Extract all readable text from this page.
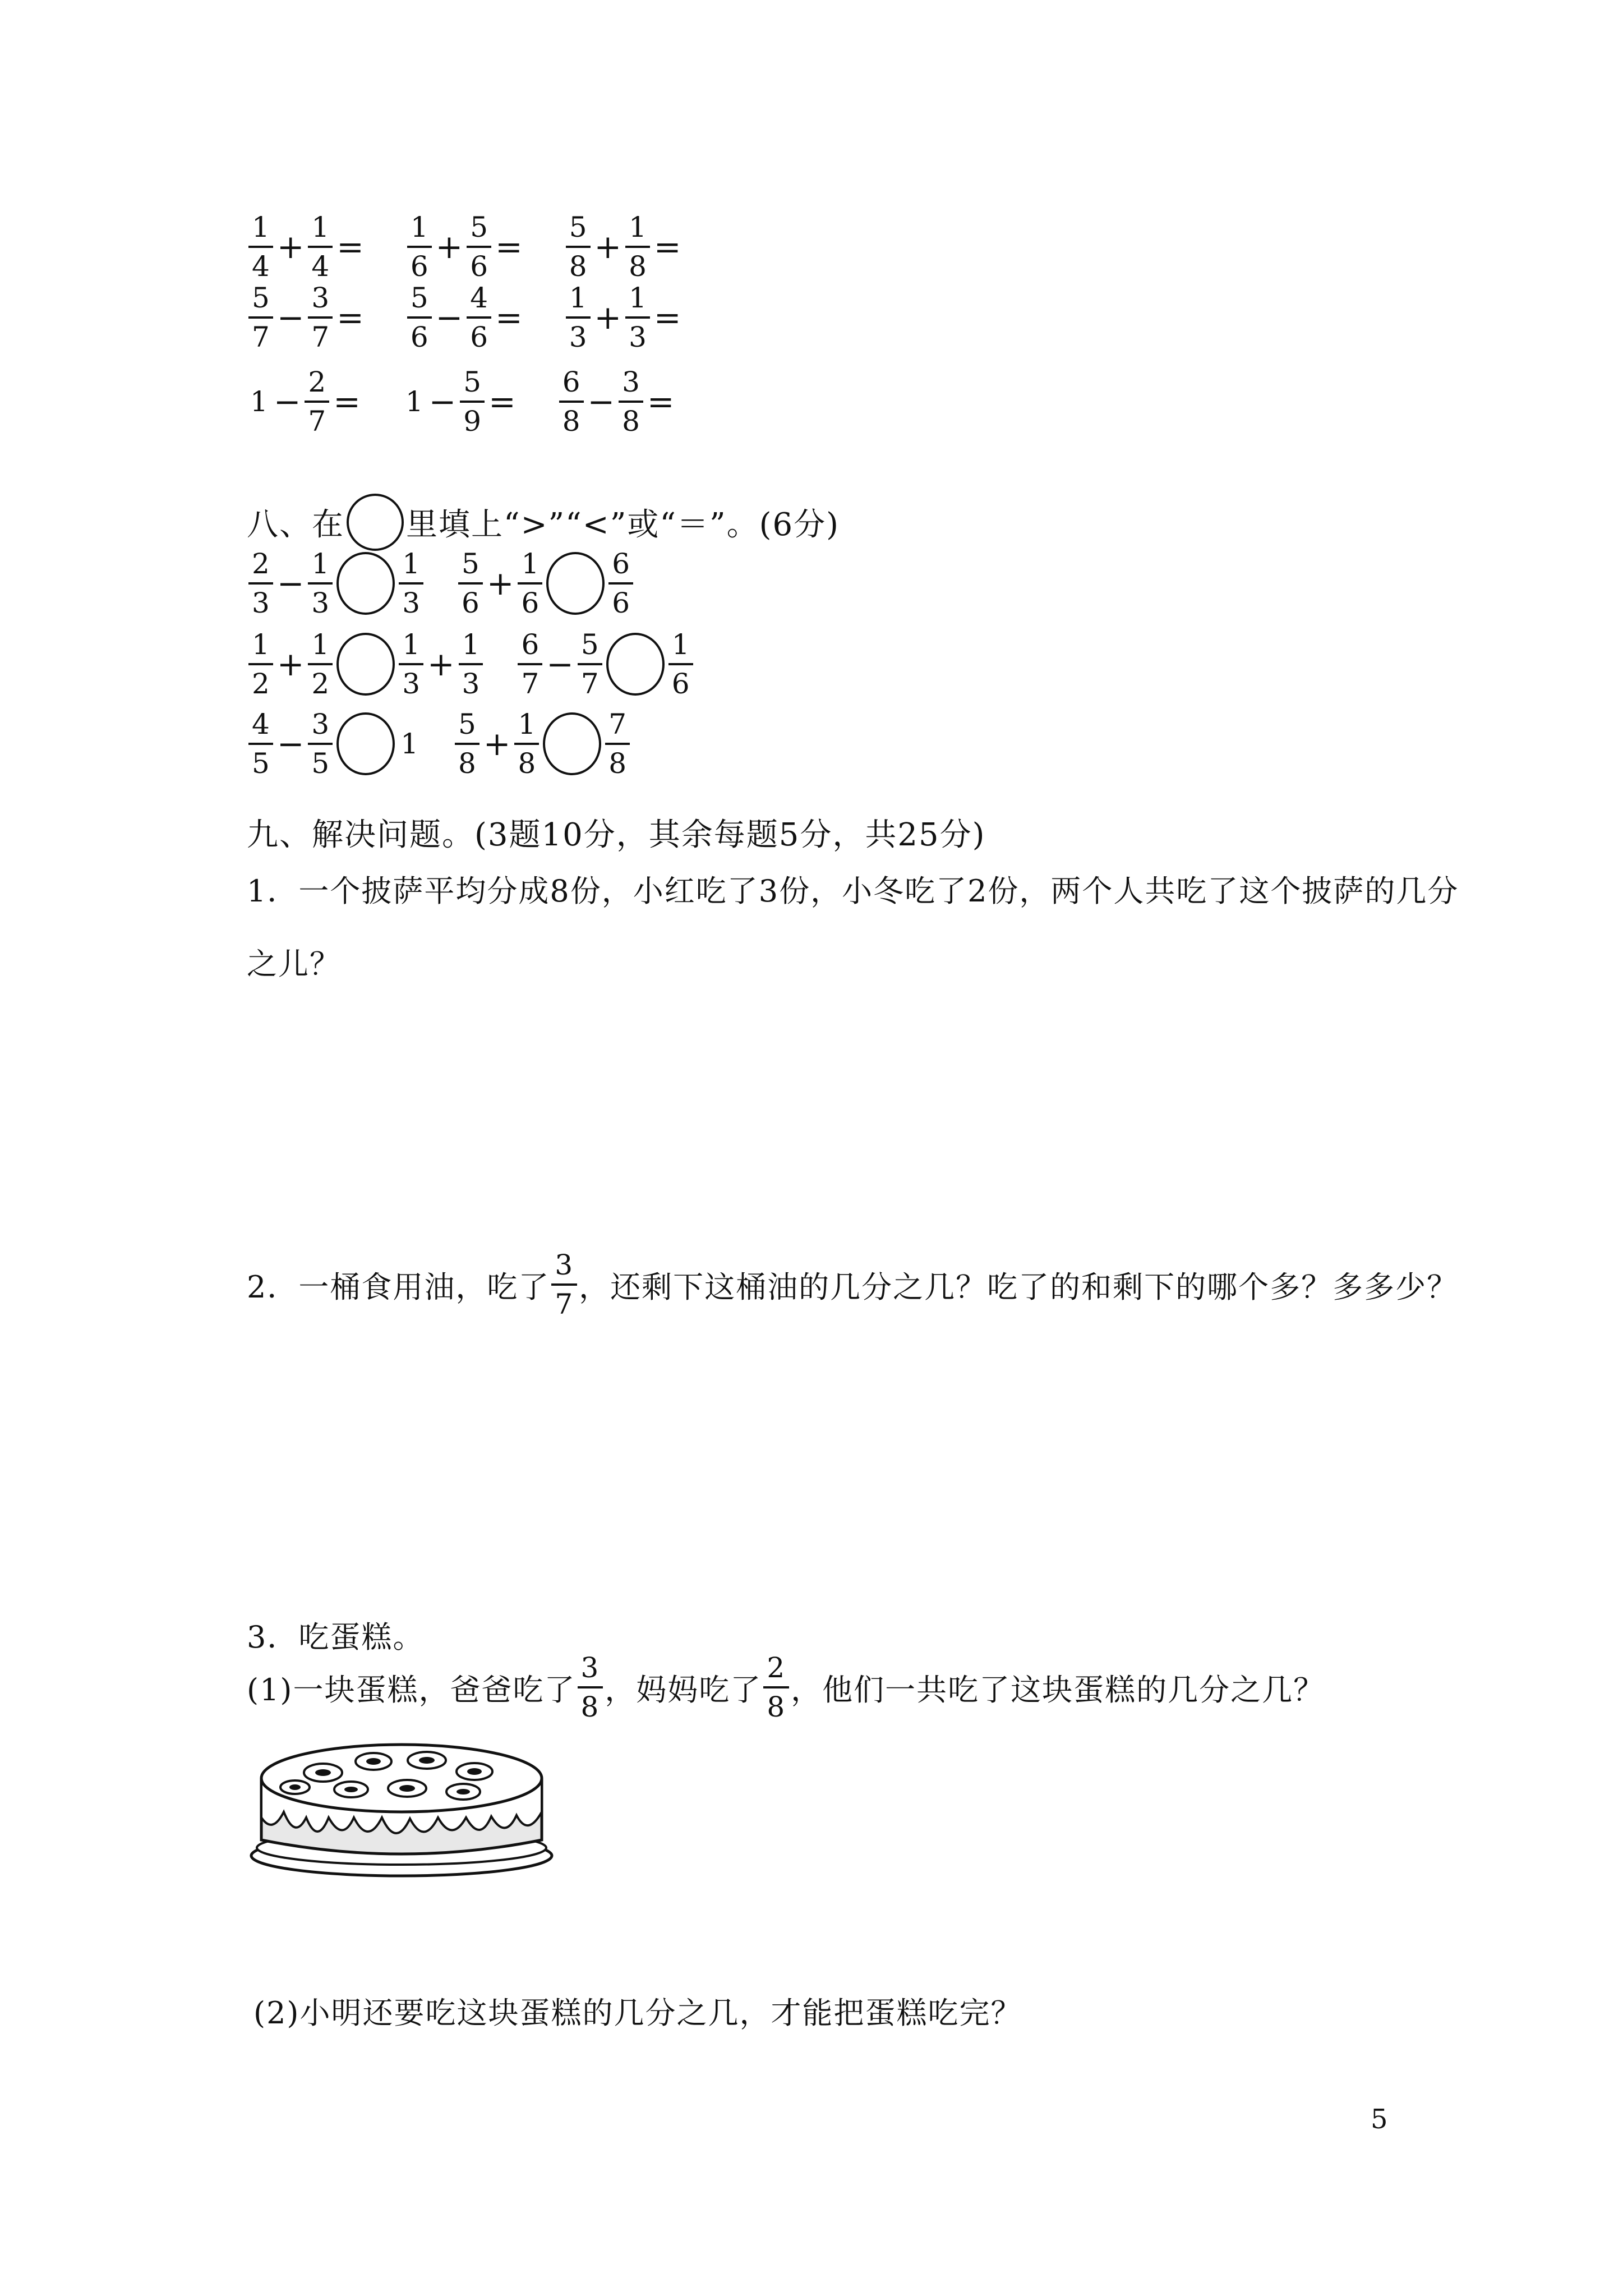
$\frac{1}{4} + \frac{1}{4} = \frac{1}{6} + \frac{5}{6} = \frac{5}{8} + \frac{1}{8}$ =
$\frac{5}{7} - \frac{3}{7} = \frac{5}{6} - \frac{4}{6} = \frac{1}{3} + \frac{1}{3}$ =
$1 - \frac{2}{7} = 1 - \frac{5}{9} = \frac{6}{8} - \frac{3}{8}$ =
八、在 里填上“>”“<”或“＝”。(6分)
$\frac{2}{3} - \frac{1}{3} \frac{1}{3} \frac{5}{6} + \frac{1}{6} \frac{6}{6}$
$\frac{1}{2} + \frac{1}{2} \frac{1}{3} + \frac{1}{3} \frac{6}{7} - \frac{5}{7} \frac{1}{6}$
$\frac{4}{5} - \frac{3}{5} 1 \frac{5}{8} + \frac{1}{8} \frac{7}{8}$
九、解决问题。(3题10分，其余每题5分，共25分)
1．一个披萨平均分成8份，小红吃了3份，小冬吃了2份，两个人共吃了这个披萨的几分
之儿？
2．一桶食用油，吃了 $\frac{3}{7}$ ，还剩下这桶油的几分之几？吃了的和剩下的哪个多？多多少？
3．吃蛋糕。
(1)一块蛋糕，爸爸吃了 $\frac{3}{8}$ ，妈妈吃了 $\frac{2}{8}$ ，他们一共吃了这块蛋糕的几分之几？
(2)小明还要吃这块蛋糕的几分之几，才能把蛋糕吃完？
5
